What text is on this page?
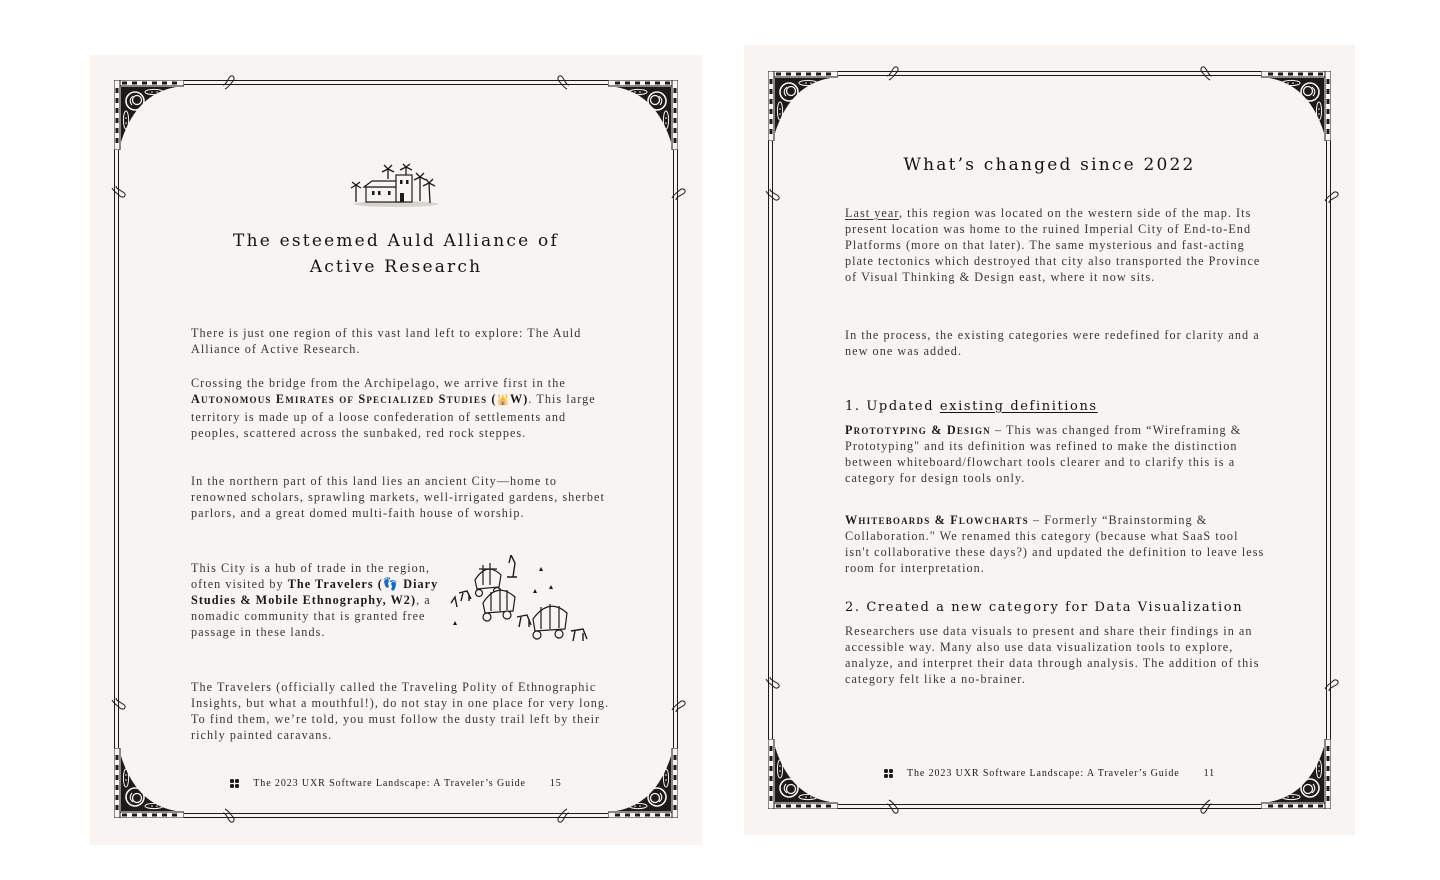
The esteemed Auld Alliance of
Active Research

There is just one region of this vast land left to explore: The Auld Alliance of Active Research.

Crossing the bridge from the Archipelago, we arrive first in the
Autonomous Emirates of Specialized Studies (🕌W). This large territory is made up of a loose confederation of settlements and peoples, scattered across the sunbaked, red rock steppes.

In the northern part of this land lies an ancient City—home to renowned scholars, sprawling markets, well-irrigated gardens, sherbet parlors, and a great domed multi-faith house of worship.

This City is a hub of trade in the region, often visited by The Travelers (👣 Diary Studies & Mobile Ethnography, W2), a nomadic community that is granted free passage in these lands.

The Travelers (officially called the Traveling Polity of Ethnographic Insights, but what a mouthful!), do not stay in one place for very long. To find them, we’re told, you must follow the dusty trail left by their richly painted caravans.

The 2023 UXR Software Landscape: A Traveler’s Guide 15
What’s changed since 2022

Last year, this region was located on the western side of the map. Its present location was home to the ruined Imperial City of End-to-End Platforms (more on that later). The same mysterious and fast-acting plate tectonics which destroyed that city also transported the Province of Visual Thinking & Design east, where it now sits.

In the process, the existing categories were redefined for clarity and a new one was added.

1. Updated existing definitions

Prototyping & Design – This was changed from “Wireframing & Prototyping" and its definition was refined to make the distinction between whiteboard/flowchart tools clearer and to clarify this is a category for design tools only.

Whiteboards & Flowcharts – Formerly “Brainstorming & Collaboration." We renamed this category (because what SaaS tool isn't collaborative these days?) and updated the definition to leave less room for interpretation.

2. Created a new category for Data Visualization

Researchers use data visuals to present and share their findings in an accessible way. Many also use data visualization tools to explore, analyze, and interpret their data through analysis. The addition of this category felt like a no-brainer.

The 2023 UXR Software Landscape: A Traveler’s Guide 11
